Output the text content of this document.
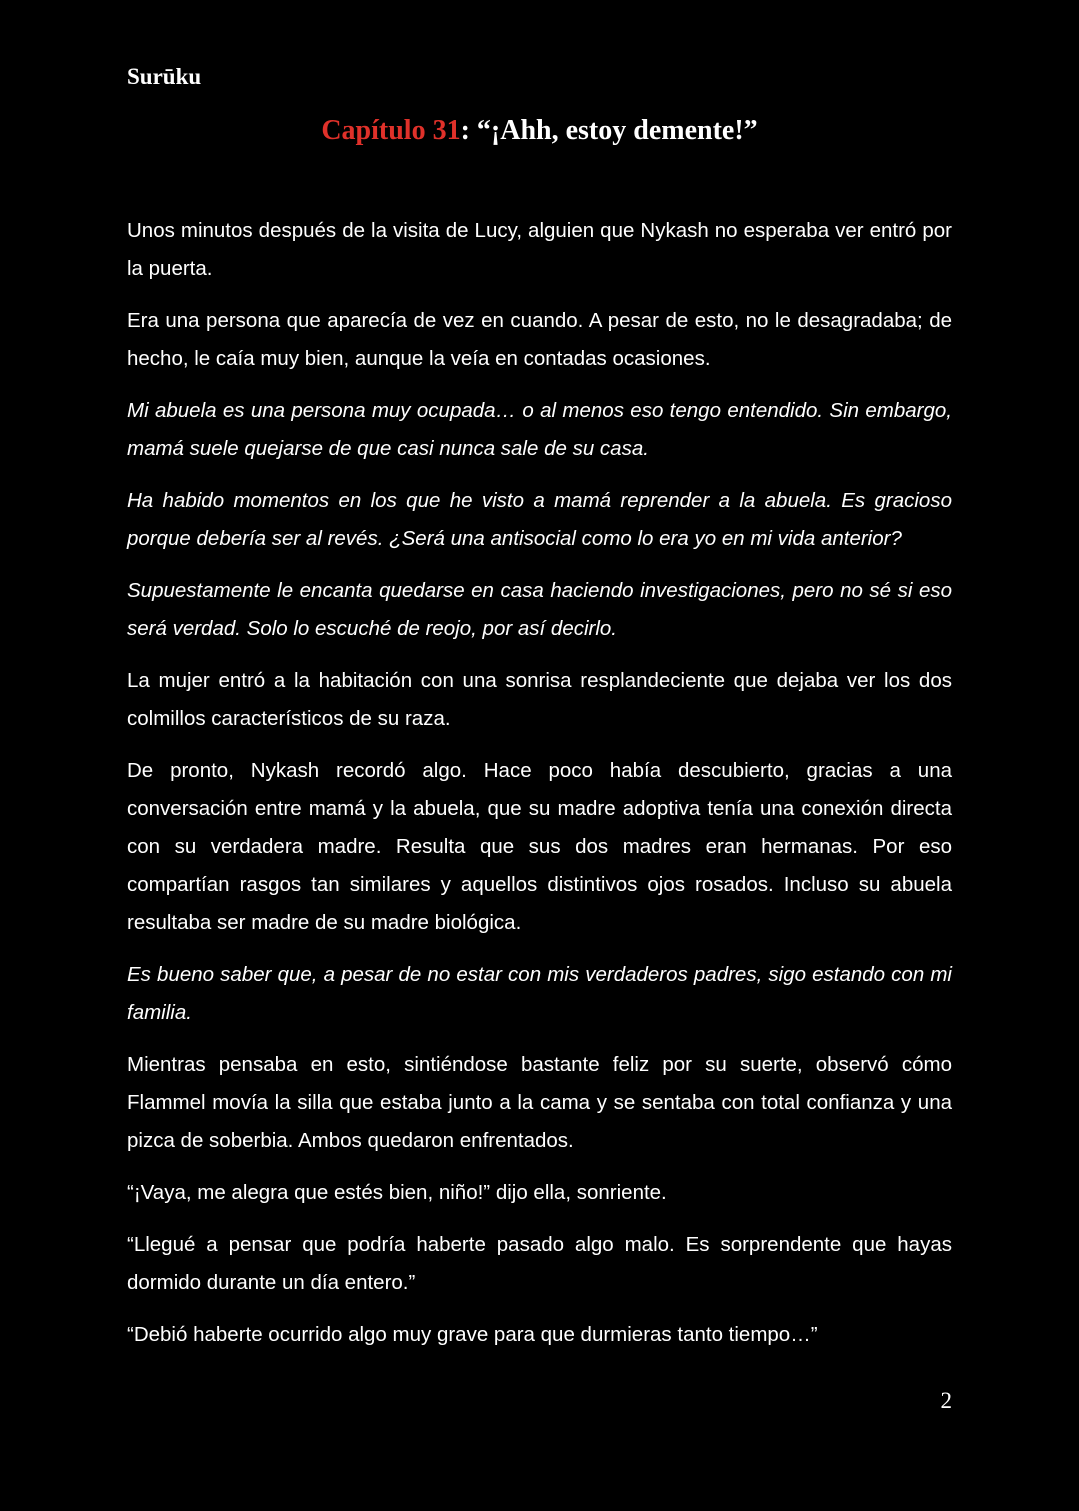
Surūku
Capítulo 31: “¡Ahh, estoy demente!”

Unos minutos después de la visita de Lucy, alguien que Nykash no esperaba ver entró por la puerta.

Era una persona que aparecía de vez en cuando. A pesar de esto, no le desagradaba; de hecho, le caía muy bien, aunque la veía en contadas ocasiones.

Mi abuela es una persona muy ocupada… o al menos eso tengo entendido. Sin embargo, mamá suele quejarse de que casi nunca sale de su casa.

Ha habido momentos en los que he visto a mamá reprender a la abuela. Es gracioso porque debería ser al revés. ¿Será una antisocial como lo era yo en mi vida anterior?

Supuestamente le encanta quedarse en casa haciendo investigaciones, pero no sé si eso será verdad. Solo lo escuché de reojo, por así decirlo.

La mujer entró a la habitación con una sonrisa resplandeciente que dejaba ver los dos colmillos característicos de su raza.

De pronto, Nykash recordó algo. Hace poco había descubierto, gracias a una conversación entre mamá y la abuela, que su madre adoptiva tenía una conexión directa con su verdadera madre. Resulta que sus dos madres eran hermanas. Por eso compartían rasgos tan similares y aquellos distintivos ojos rosados. Incluso su abuela resultaba ser madre de su madre biológica.

Es bueno saber que, a pesar de no estar con mis verdaderos padres, sigo estando con mi familia.

Mientras pensaba en esto, sintiéndose bastante feliz por su suerte, observó cómo Flammel movía la silla que estaba junto a la cama y se sentaba con total confianza y una pizca de soberbia. Ambos quedaron enfrentados.

“¡Vaya, me alegra que estés bien, niño!” dijo ella, sonriente.

“Llegué a pensar que podría haberte pasado algo malo. Es sorprendente que hayas dormido durante un día entero.”

“Debió haberte ocurrido algo muy grave para que durmieras tanto tiempo…”

2
